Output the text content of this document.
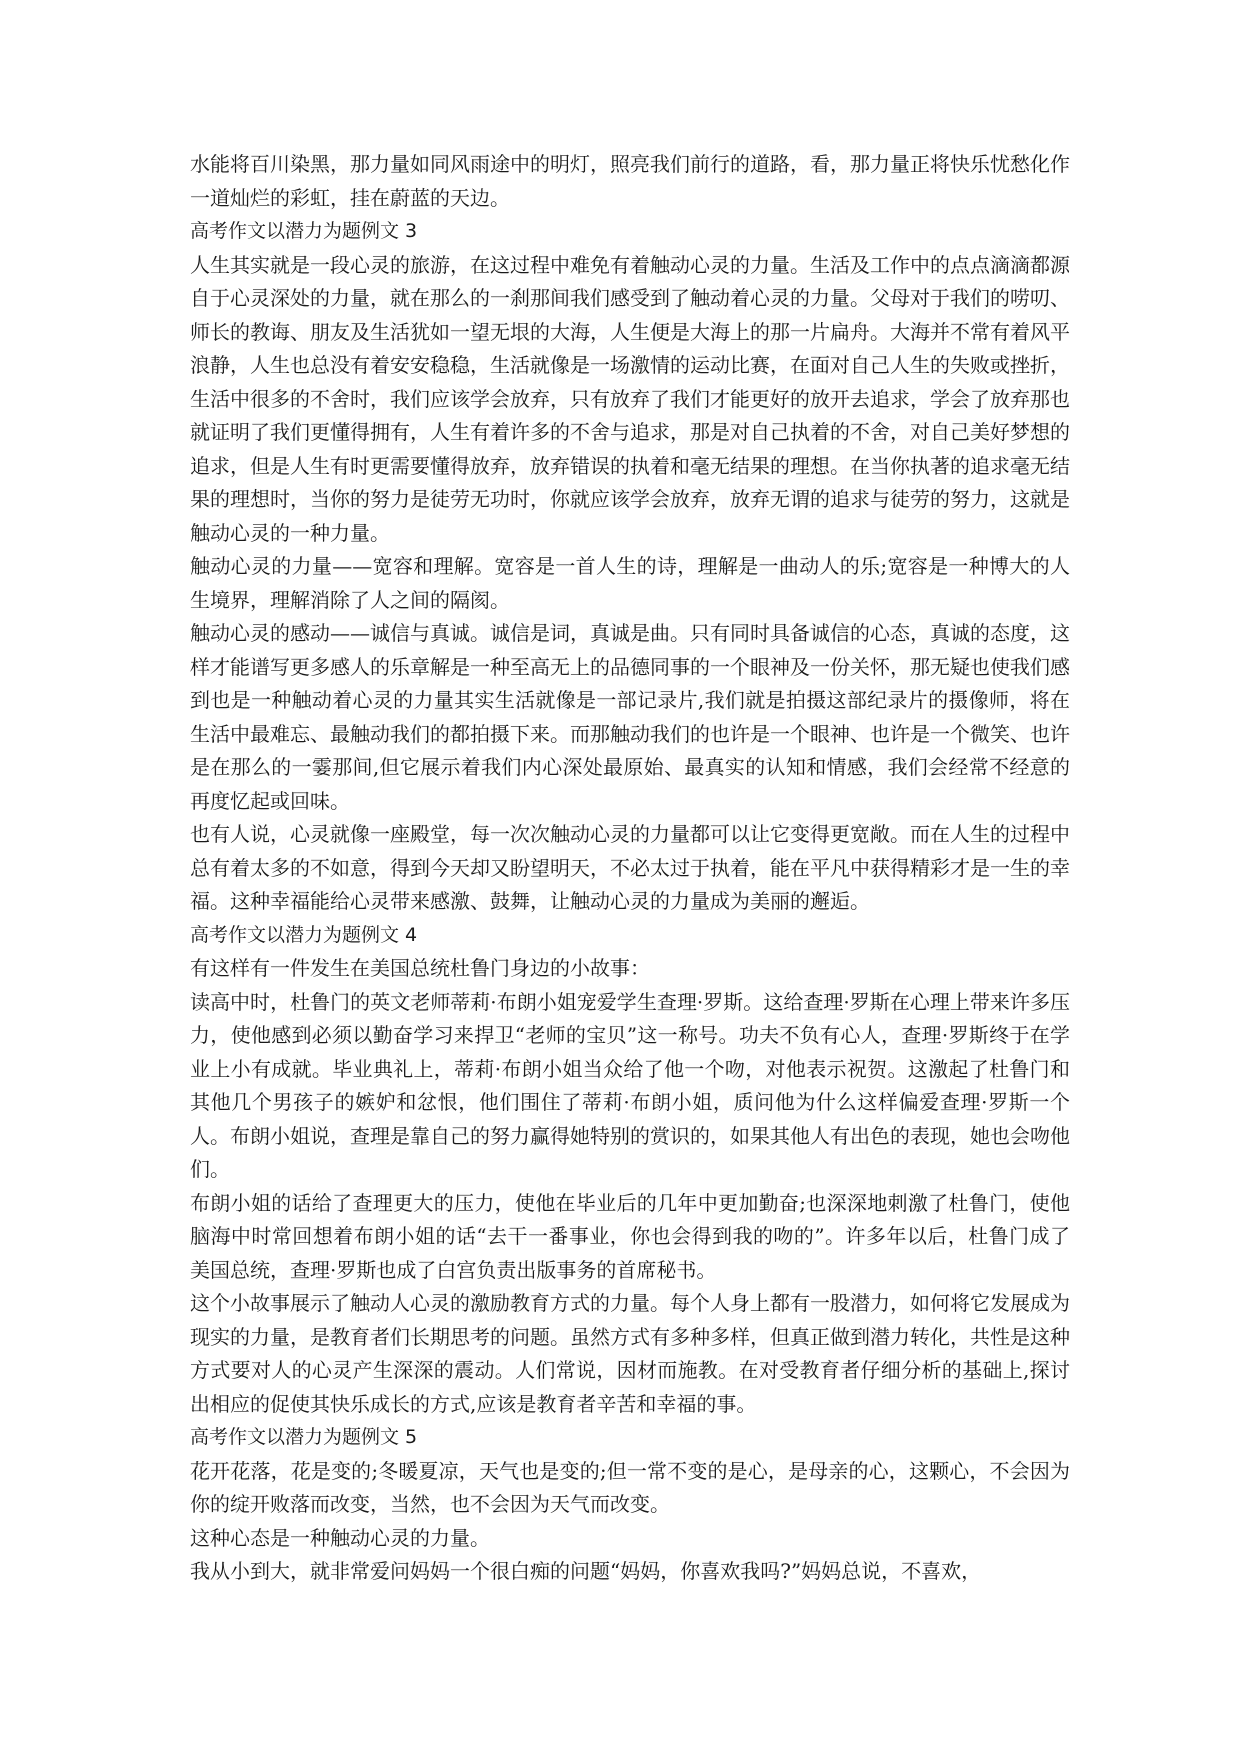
水能将百川染黑，那力量如同风雨途中的明灯，照亮我们前行的道路，看，那力量正将快乐忧愁化作一道灿烂的彩虹，挂在蔚蓝的天边。

高考作文以潜力为题例文 3

人生其实就是一段心灵的旅游，在这过程中难免有着触动心灵的力量。生活及工作中的点点滴滴都源自于心灵深处的力量，就在那么的一刹那间我们感受到了触动着心灵的力量。父母对于我们的唠叨、师长的教诲、朋友及生活犹如一望无垠的大海，人生便是大海上的那一片扁舟。大海并不常有着风平浪静，人生也总没有着安安稳稳，生活就像是一场激情的运动比赛，在面对自己人生的失败或挫折，生活中很多的不舍时，我们应该学会放弃，只有放弃了我们才能更好的放开去追求，学会了放弃那也就证明了我们更懂得拥有，人生有着许多的不舍与追求，那是对自己执着的不舍，对自己美好梦想的追求，但是人生有时更需要懂得放弃，放弃错误的执着和毫无结果的理想。在当你执著的追求毫无结果的理想时，当你的努力是徒劳无功时，你就应该学会放弃，放弃无谓的追求与徒劳的努力，这就是触动心灵的一种力量。

触动心灵的力量——宽容和理解。宽容是一首人生的诗，理解是一曲动人的乐;宽容是一种博大的人生境界，理解消除了人之间的隔阂。

触动心灵的感动——诚信与真诚。诚信是词，真诚是曲。只有同时具备诚信的心态，真诚的态度，这样才能谱写更多感人的乐章解是一种至高无上的品德同事的一个眼神及一份关怀，那无疑也使我们感到也是一种触动着心灵的力量其实生活就像是一部记录片,我们就是拍摄这部纪录片的摄像师，将在生活中最难忘、最触动我们的都拍摄下来。而那触动我们的也许是一个眼神、也许是一个微笑、也许是在那么的一霎那间,但它展示着我们内心深处最原始、最真实的认知和情感，我们会经常不经意的再度忆起或回味。

也有人说，心灵就像一座殿堂，每一次次触动心灵的力量都可以让它变得更宽敞。而在人生的过程中总有着太多的不如意，得到今天却又盼望明天，不必太过于执着，能在平凡中获得精彩才是一生的幸福。这种幸福能给心灵带来感激、鼓舞，让触动心灵的力量成为美丽的邂逅。

高考作文以潜力为题例文 4

有这样有一件发生在美国总统杜鲁门身边的小故事：

读高中时，杜鲁门的英文老师蒂莉·布朗小姐宠爱学生查理·罗斯。这给查理·罗斯在心理上带来许多压力，使他感到必须以勤奋学习来捍卫“老师的宝贝”这一称号。功夫不负有心人，查理·罗斯终于在学业上小有成就。毕业典礼上，蒂莉·布朗小姐当众给了他一个吻，对他表示祝贺。这激起了杜鲁门和其他几个男孩子的嫉妒和忿恨，他们围住了蒂莉·布朗小姐，质问他为什么这样偏爱查理·罗斯一个人。布朗小姐说，查理是靠自己的努力赢得她特别的赏识的，如果其他人有出色的表现，她也会吻他们。

布朗小姐的话给了查理更大的压力，使他在毕业后的几年中更加勤奋;也深深地刺激了杜鲁门，使他脑海中时常回想着布朗小姐的话“去干一番事业，你也会得到我的吻的”。许多年以后，杜鲁门成了美国总统，查理·罗斯也成了白宫负责出版事务的首席秘书。

这个小故事展示了触动人心灵的激励教育方式的力量。每个人身上都有一股潜力，如何将它发展成为现实的力量，是教育者们长期思考的问题。虽然方式有多种多样，但真正做到潜力转化，共性是这种方式要对人的心灵产生深深的震动。人们常说，因材而施教。在对受教育者仔细分析的基础上,探讨出相应的促使其快乐成长的方式,应该是教育者辛苦和幸福的事。

高考作文以潜力为题例文 5

花开花落，花是变的;冬暖夏凉，天气也是变的;但一常不变的是心，是母亲的心，这颗心，不会因为你的绽开败落而改变，当然，也不会因为天气而改变。

这种心态是一种触动心灵的力量。

我从小到大，就非常爱问妈妈一个很白痴的问题“妈妈，你喜欢我吗?”妈妈总说，不喜欢，
